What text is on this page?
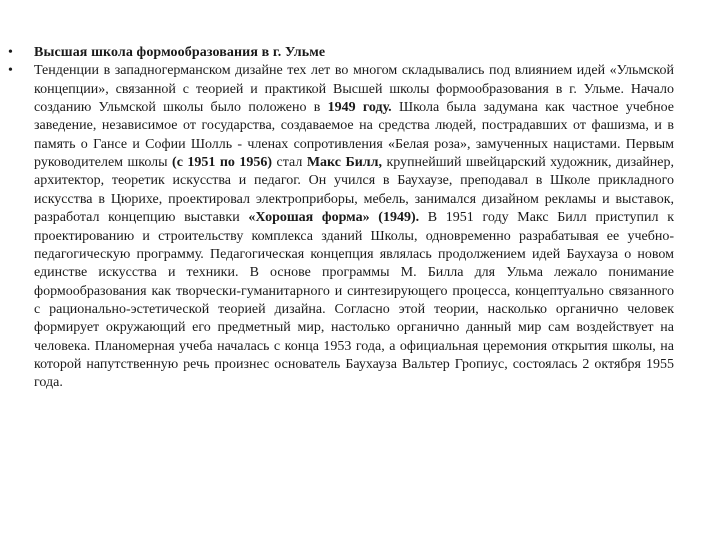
•	Высшая школа формообразования в г. Ульме
•	Тенденции в западногерманском дизайне тех лет во многом складывались под влиянием идей «Ульмской концепции», связанной с теорией и практикой Высшей школы формообразования в г. Ульме. Начало созданию Ульмской школы было положено в 1949 году. Школа была задумана как частное учебное заведение, независимое от государства, создаваемое на средства людей, пострадавших от фашизма, и в память о Гансе и Софии Шолль - членах сопротивления «Белая роза», замученных нацистами. Первым руководителем школы (с 1951 по 1956) стал Макс Билл, крупнейший швейцарский художник, дизайнер, архитектор, теоретик искусства и педагог. Он учился в Баухаузе, преподавал в Школе прикладного искусства в Цюрихе, проектировал электроприборы, мебель, занимался дизайном рекламы и выставок, разработал концепцию выставки «Хорошая форма» (1949). В 1951 году Макс Билл приступил к проектированию и строительству комплекса зданий Школы, одновременно разрабатывая ее учебно-педагогическую программу. Педагогическая концепция являлась продолжением идей Баухауза о новом единстве искусства и техники. В основе программы М. Билла для Ульма лежало понимание формообразования как творчески-гуманитарного и синтезирующего процесса, концептуально связанного с рационально-эстетической теорией дизайна. Согласно этой теории, насколько органично человек формирует окружающий его предметный мир, настолько органично данный мир сам воздействует на человека. Планомерная учеба началась с конца 1953 года, а официальная церемония открытия школы, на которой напутственную речь произнес основатель Баухауза Вальтер Гропиус, состоялась 2 октября 1955 года.
